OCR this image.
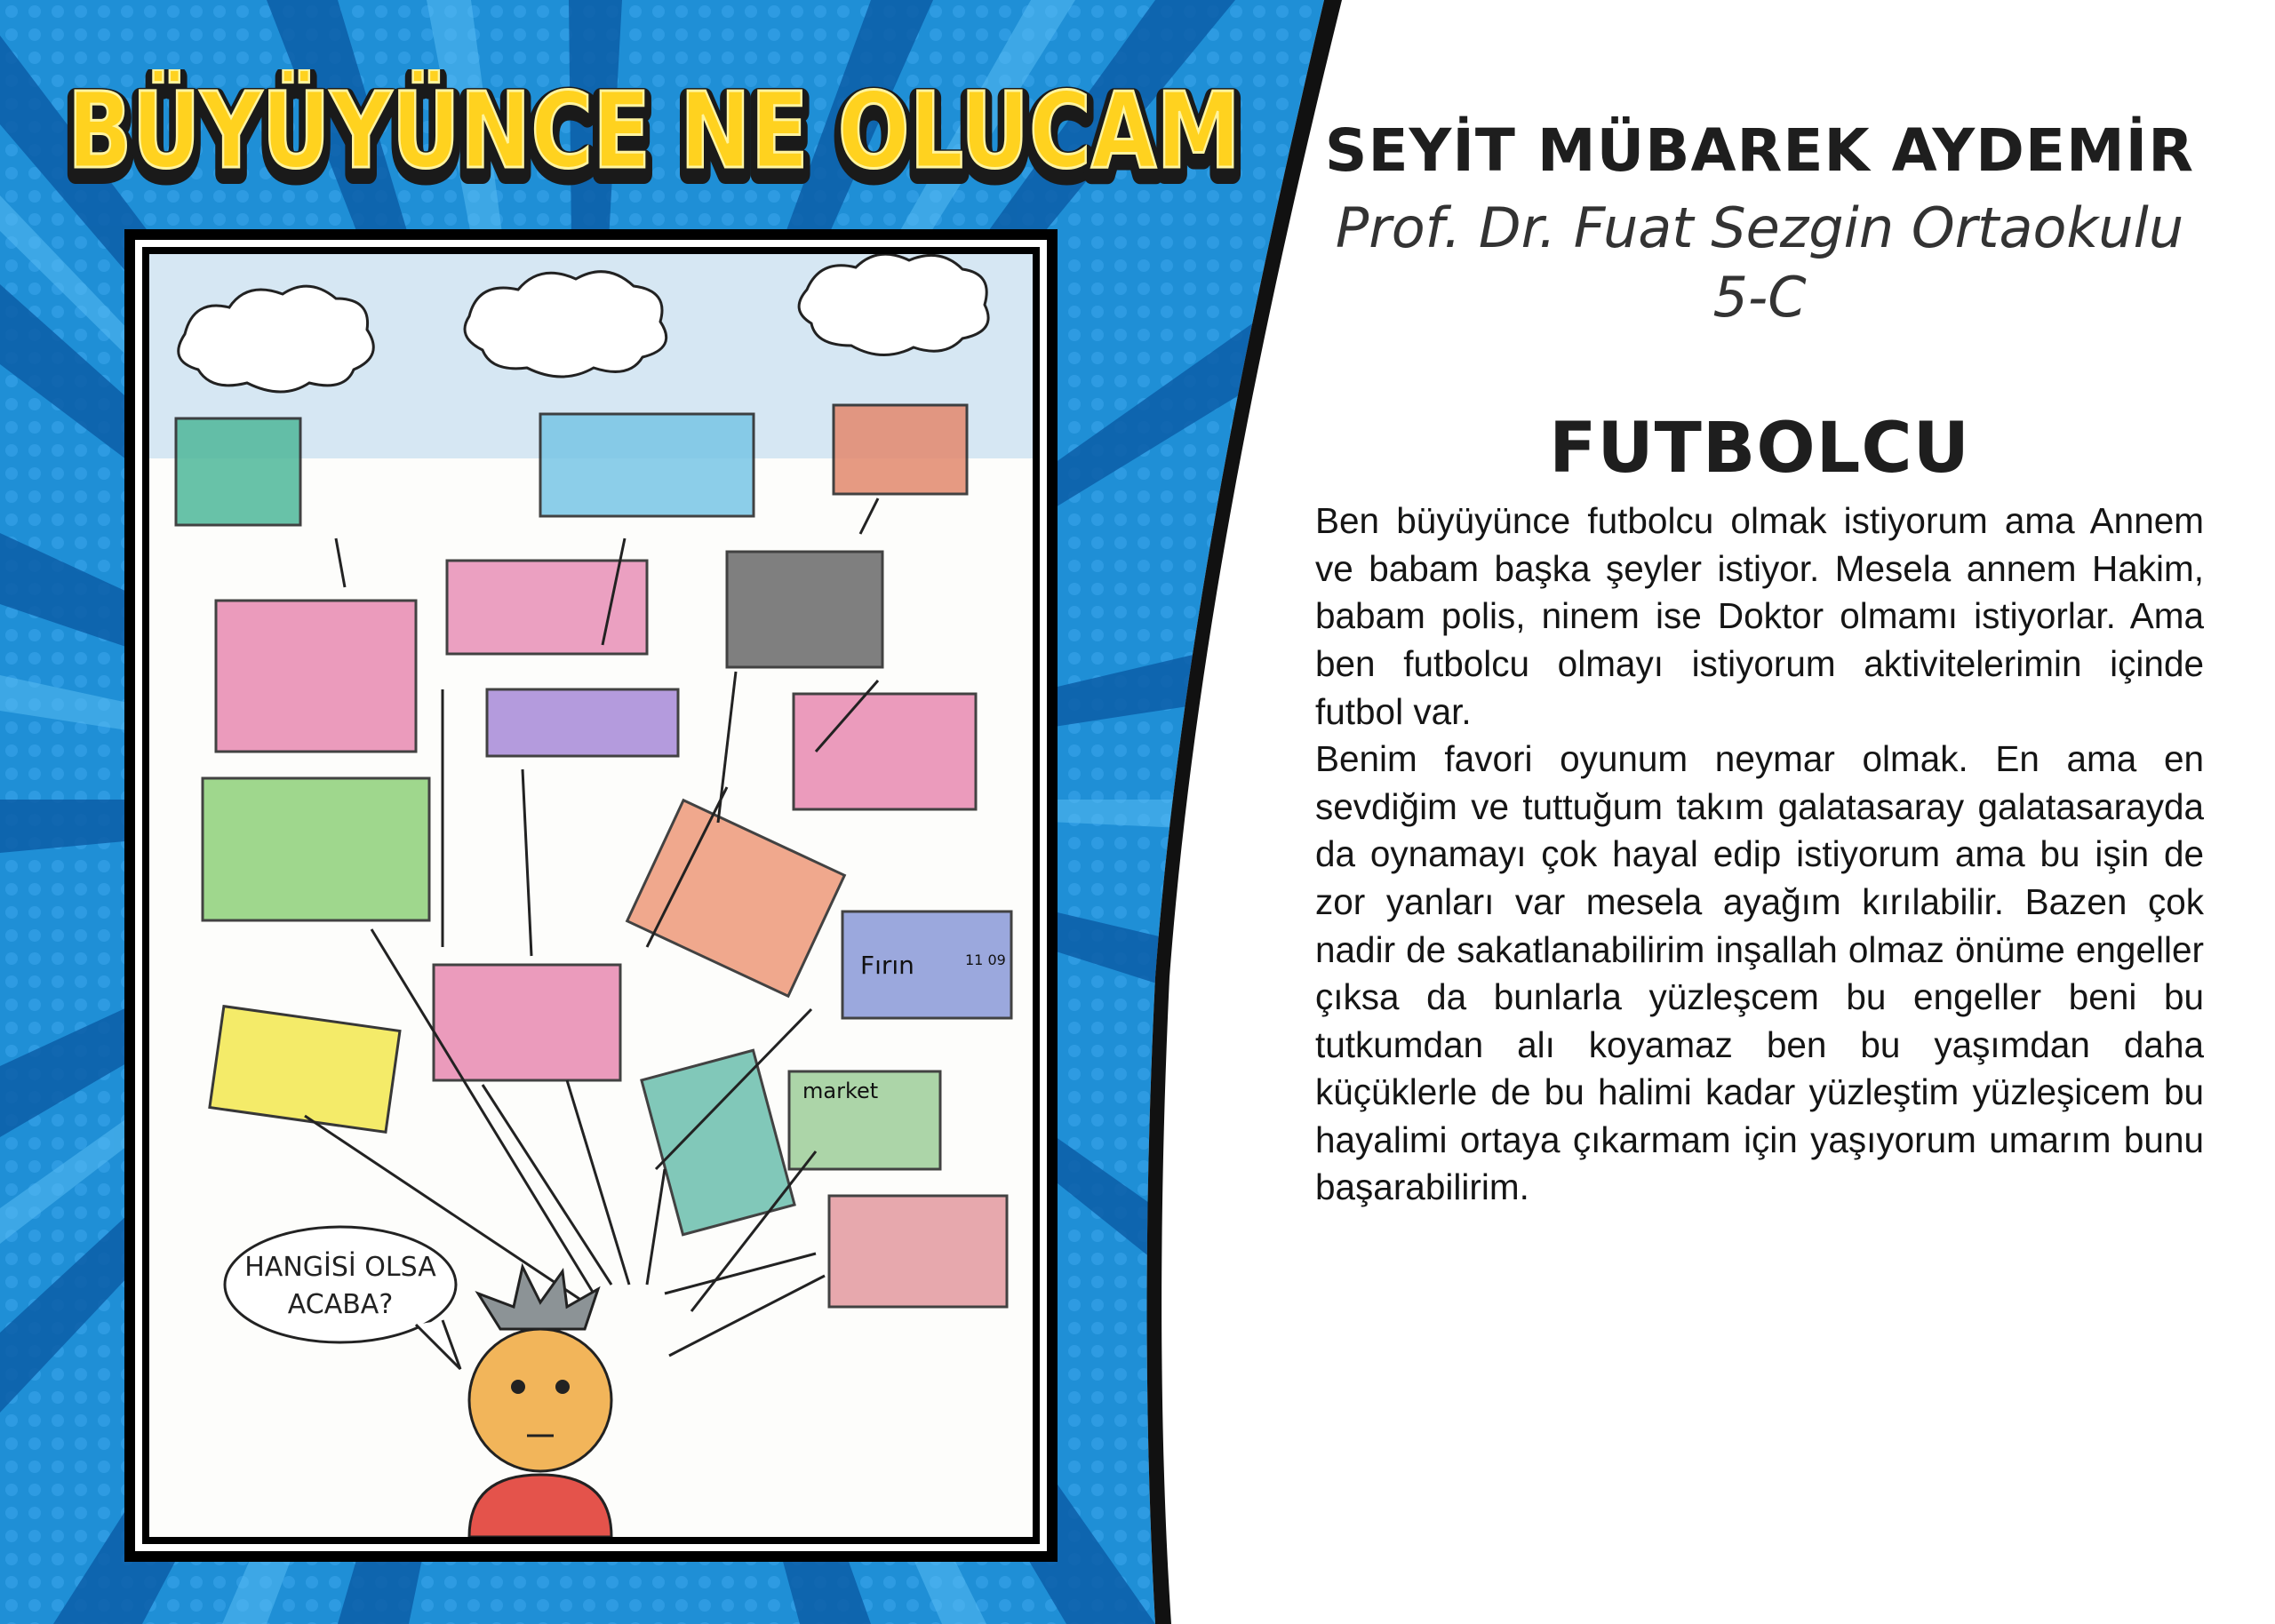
BÜYÜYÜNCE NE OLUCAM
BÜYÜYÜNCE NE OLUCAM
Fırın	11 09
market
HANGİSİ OLSA
ACABA?
SEYİT MÜBAREK AYDEMİR
Prof. Dr. Fuat Sezgin Ortaokulu
5-C
FUTBOLCU

Ben büyüyünce futbolcu olmak istiyorum ama Annem ve babam başka şeyler istiyor. Mesela annem Hakim, babam polis, ninem ise Doktor olmamı istiyorlar. Ama ben futbolcu olmayı istiyorum aktivitelerimin içinde futbol var.

Benim favori oyunum neymar olmak. En ama en sevdiğim ve tuttuğum takım galatasaray galatasarayda da oynamayı çok hayal edip istiyorum ama bu işin de zor yanları var mesela ayağım kırılabilir. Bazen çok nadir de sakatlanabilirim inşallah olmaz önüme engeller çıksa da bunlarla yüzleşcem bu engeller beni bu tutkumdan alı koyamaz ben bu yaşımdan daha küçüklerle de bu halimi kadar yüzleştim yüzleşicem bu hayalimi ortaya çıkarmam için yaşıyorum umarım bunu başarabilirim.
